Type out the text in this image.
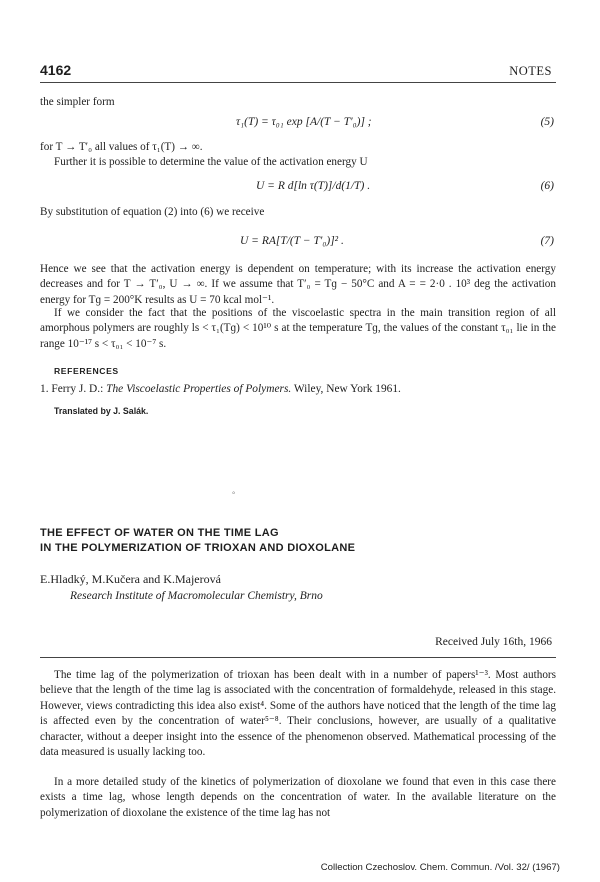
4162	NOTES
the simpler form
τ₁(T) = τ₀₁ exp [A/(T − T′₀)] ;	(5)
for T → T′₀ all values of τ₁(T) → ∞.
Further it is possible to determine the value of the activation energy U
U = R d[ln τ(T)]/d(1/T) .	(6)
By substitution of equation (2) into (6) we receive
U = RA[T/(T − T′₀)]² .	(7)
Hence we see that the activation energy is dependent on temperature; with its increase the activation energy decreases and for T → T′₀, U → ∞. If we assume that T′₀ = Tɡ − 50°C and A = = 2·0 . 10³ deg the activation energy for Tɡ = 200°K results as U = 70 kcal mol⁻¹.
If we consider the fact that the positions of the viscoelastic spectra in the main transition region of all amorphous polymers are roughly ls < τ₁(Tɡ) < 10¹⁰ s at the temperature Tɡ, the values of the constant τ₀₁ lie in the range 10⁻¹⁷ s < τ₀₁ < 10⁻⁷ s.
REFERENCES
1. Ferry J. D.: The Viscoelastic Properties of Polymers. Wiley, New York 1961.
Translated by J. Salák.
°
THE EFFECT OF WATER ON THE TIME LAG
IN THE POLYMERIZATION OF TRIOXAN AND DIOXOLANE
E.Hladký, M.Kučera and K.Majerová
Research Institute of Macromolecular Chemistry, Brno
Received July 16th, 1966
The time lag of the polymerization of trioxan has been dealt with in a number of papers¹⁻³. Most authors believe that the length of the time lag is associated with the concentration of formaldehyde, released in this stage. However, views contradicting this idea also exist⁴. Some of the authors have noticed that the length of the time lag is affected even by the concentration of water⁵⁻⁸. Their conclusions, however, are usually of a qualitative character, without a deeper insight into the essence of the phenomenon observed. Mathematical processing of the data measured is usually lacking too.
In a more detailed study of the kinetics of polymerization of dioxolane we found that even in this case there exists a time lag, whose length depends on the concentration of water. In the available literature on the polymerization of dioxolane the existence of the time lag has not
Collection Czechoslov. Chem. Commun. /Vol. 32/ (1967)
